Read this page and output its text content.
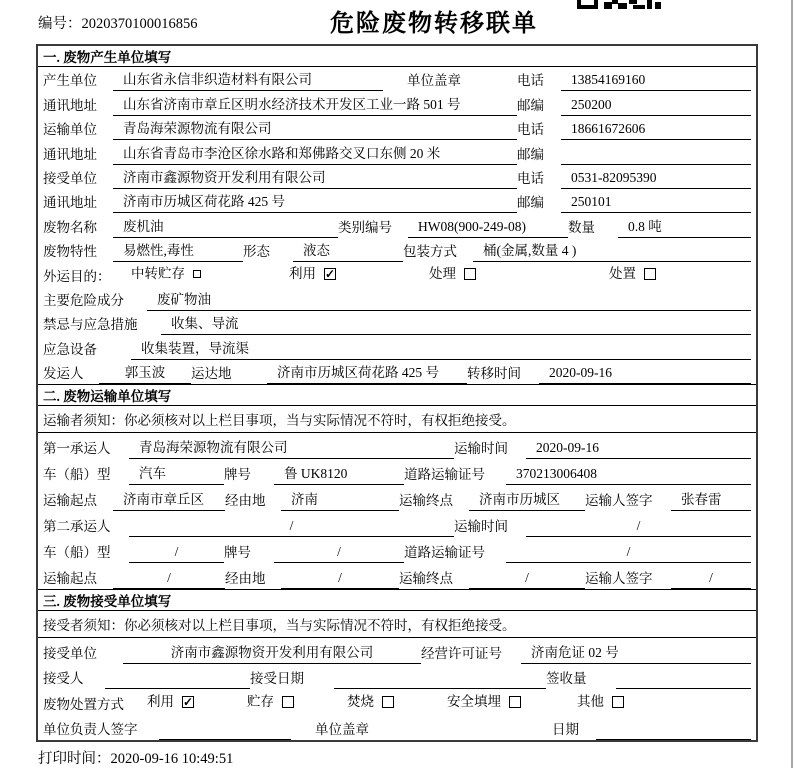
编号：2020370100016856	危险废物转移联单
一. 废物产生单位填写
产生单位	山东省永信非织造材料有限公司	单位盖章	电话	13854169160
通讯地址	山东省济南市章丘区明水经济技术开发区工业一路 501 号	邮编	250200
运输单位	青岛海荣源物流有限公司	电话	18661672606
通讯地址	山东省青岛市李沧区徐水路和郑佛路交叉口东侧 20 米	邮编
接受单位	济南市鑫源物资开发利用有限公司	电话	0531-82095390
通讯地址	济南市历城区荷花路 425 号	邮编	250101
废物名称	废机油	类别编号	HW08(900-249-08)	数量	0.8 吨
废物特性	易燃性,毒性	形态	液态	包装方式	桶(金属,数量 4 )
外运目的：	中转贮存	利用 ✓	处理	处置
主要危险成分	废矿物油
禁忌与应急措施	收集、导流
应急设备	收集装置，导流渠
发运人	郭玉波	运达地	济南市历城区荷花路 425 号	转移时间	2020-09-16
二. 废物运输单位填写
运输者须知：你必须核对以上栏目事项，当与实际情况不符时，有权拒绝接受。
第一承运人	青岛海荣源物流有限公司	运输时间	2020-09-16
车（船）型	汽车	牌号	鲁 UK8120	道路运输证号	370213006408
运输起点	济南市章丘区	经由地	济南	运输终点	济南市历城区	运输人签字	张春雷
第二承运人	/	运输时间	/
车（船）型	/	牌号	/	道路运输证号	/
运输起点	/	经由地	/	运输终点	/	运输人签字	/
三. 废物接受单位填写
接受者须知：你必须核对以上栏目事项，当与实际情况不符时，有权拒绝接受。
接受单位	济南市鑫源物资开发利用有限公司	经营许可证号	济南危证 02 号
接受人	接受日期	签收量
废物处置方式	利用 ✓	贮存	焚烧	安全填埋	其他
单位负责人签字	单位盖章	日期
打印时间：2020-09-16 10:49:51
